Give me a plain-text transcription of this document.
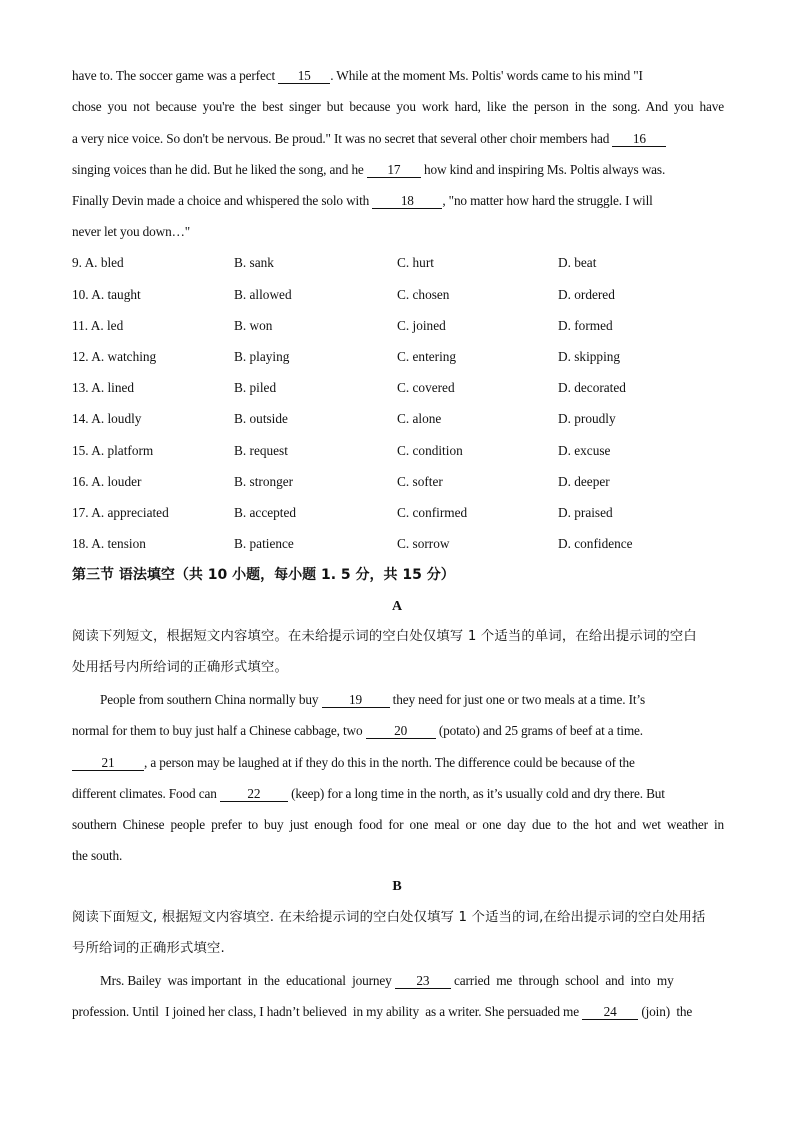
have to. The soccer game was a perfect 15 . While at the moment Ms. Poltis' words came to his mind "I
chose you not because you're the best singer but because you work hard, like the person in the song. And you have
a very nice voice. So don't be nervous. Be proud." It was no secret that several other choir members had 16
singing voices than he did. But he liked the song, and he 17 how kind and inspiring Ms. Poltis always was.
Finally Devin made a choice and whispered the solo with 18 , "no matter how hard the struggle. I will
never let you down…"
9. A. bled	B. sank	C. hurt	D. beat
10. A. taught	B. allowed	C. chosen	D. ordered
11. A. led	B. won	C. joined	D. formed
12. A. watching	B. playing	C. entering	D. skipping
13. A. lined	B. piled	C. covered	D. decorated
14. A. loudly	B. outside	C. alone	D. proudly
15. A. platform	B. request	C. condition	D. excuse
16. A. louder	B. stronger	C. softer	D. deeper
17. A. appreciated	B. accepted	C. confirmed	D. praised
18. A. tension	B. patience	C. sorrow	D. confidence
第三节 语法填空（共 10 小题，每小题 1. 5 分，共 15 分）
A
阅读下列短文，根据短文内容填空。在未给提示词的空白处仅填写 1 个适当的单词，在给出提示词的空白
处用括号内所给词的正确形式填空。
People from southern China normally buy 19 they need for just one or two meals at a time. It’s
normal for them to buy just half a Chinese cabbage, two 20 (potato) and 25 grams of beef at a time.
21 , a person may be laughed at if they do this in the north. The difference could be because of the
different climates. Food can 22 (keep) for a long time in the north, as it’s usually cold and dry there. But
southern Chinese people prefer to buy just enough food for one meal or one day due to the hot and wet weather in
the south.
B
阅读下面短文, 根据短文内容填空. 在未给提示词的空白处仅填写 1 个适当的词,在给出提示词的空白处用括
号所给词的正确形式填空.
Mrs. Bailey  was important  in  the  educational  journey 23 carried  me  through  school  and  into  my
profession. Until  I joined her class, I hadn’t believed  in my ability  as a writer. She persuaded me 24 (join)  the
